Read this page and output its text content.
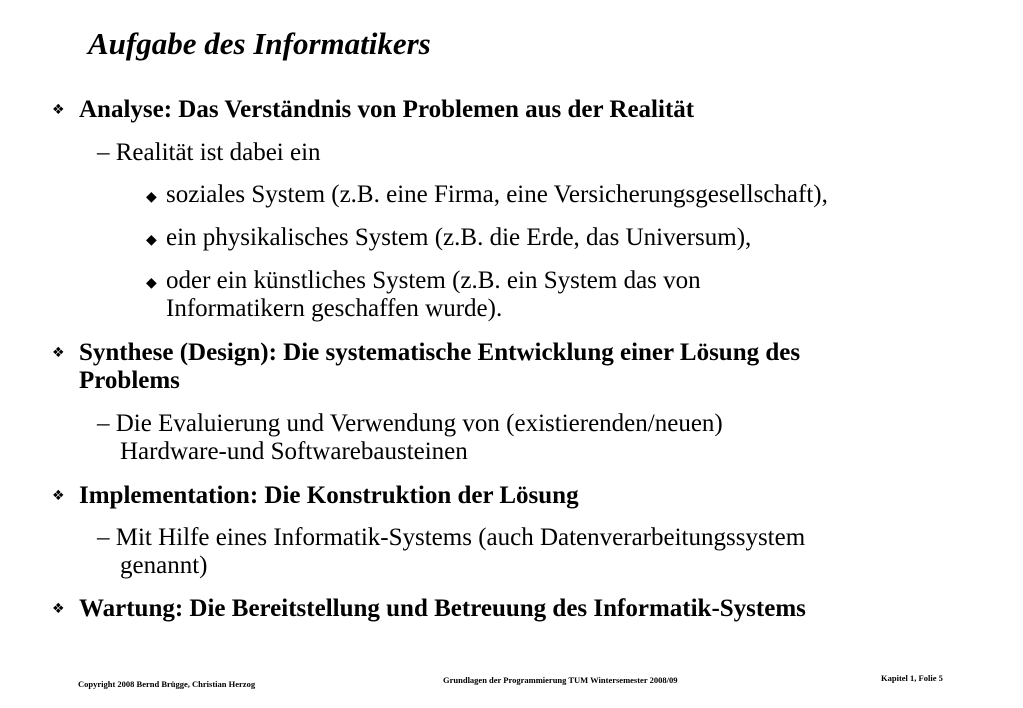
Aufgabe des Informatikers
❖ Analyse: Das Verständnis von Problemen aus der Realität
– Realität ist dabei ein
◆ soziales System (z.B. eine Firma, eine Versicherungsgesellschaft),
◆ ein physikalisches System (z.B. die Erde, das Universum),
◆ oder ein künstliches System (z.B. ein System das von
Informatikern geschaffen wurde).
❖ Synthese (Design): Die systematische Entwicklung einer Lösung des
Problems
– Die Evaluierung und Verwendung von (existierenden/neuen)
Hardware-und Softwarebausteinen
❖ Implementation: Die Konstruktion der Lösung
– Mit Hilfe eines Informatik-Systems (auch Datenverarbeitungssystem
genannt)
❖ Wartung: Die Bereitstellung und Betreuung des Informatik-Systems
Copyright 2008 Bernd Brügge, Christian Herzog	Grundlagen der Programmierung TUM Wintersemester 2008/09	Kapitel 1, Folie 5
